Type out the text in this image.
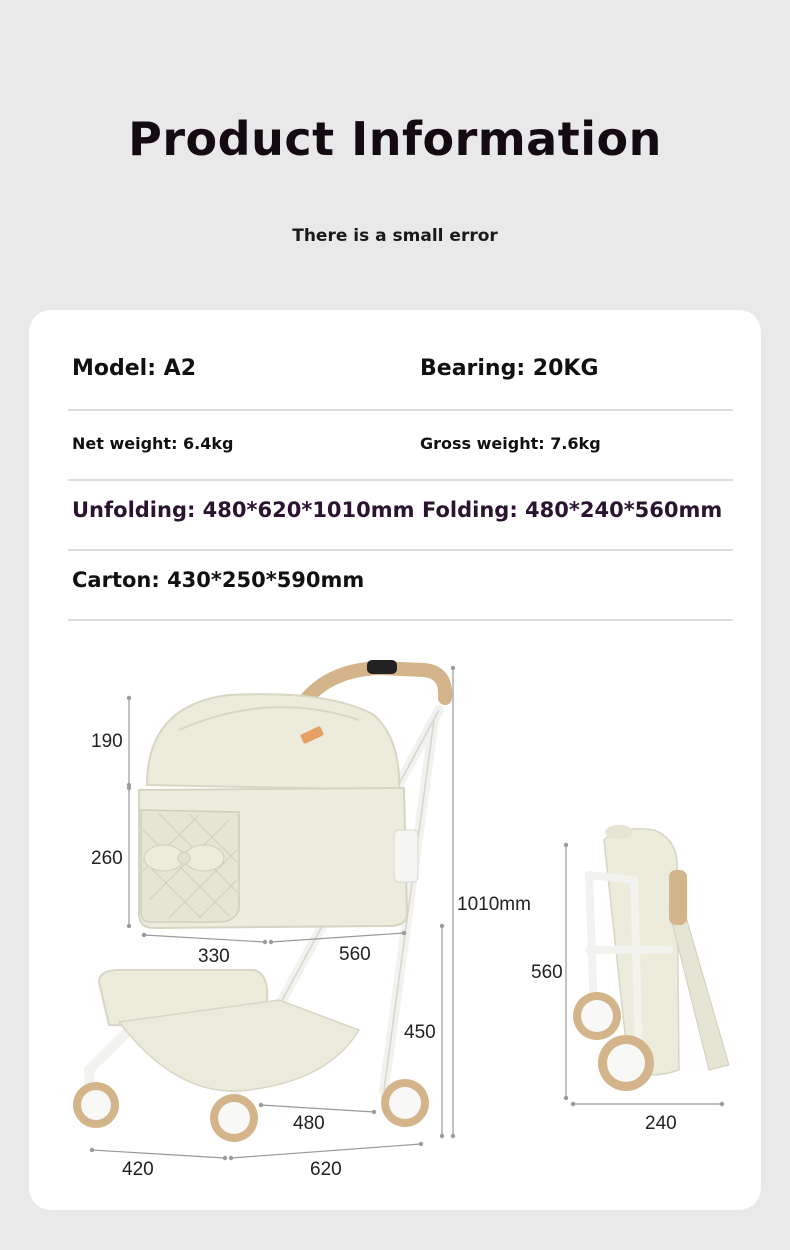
Product Information
There is a small error
Model: A2	Bearing: 20KG
Net weight: 6.4kg	Gross weight: 7.6kg
Unfolding: 480*620*1010mm Folding: 480*240*560mm
Carton: 430*250*590mm
190
260
330	560
1010mm
450
480
420	620
560
240
